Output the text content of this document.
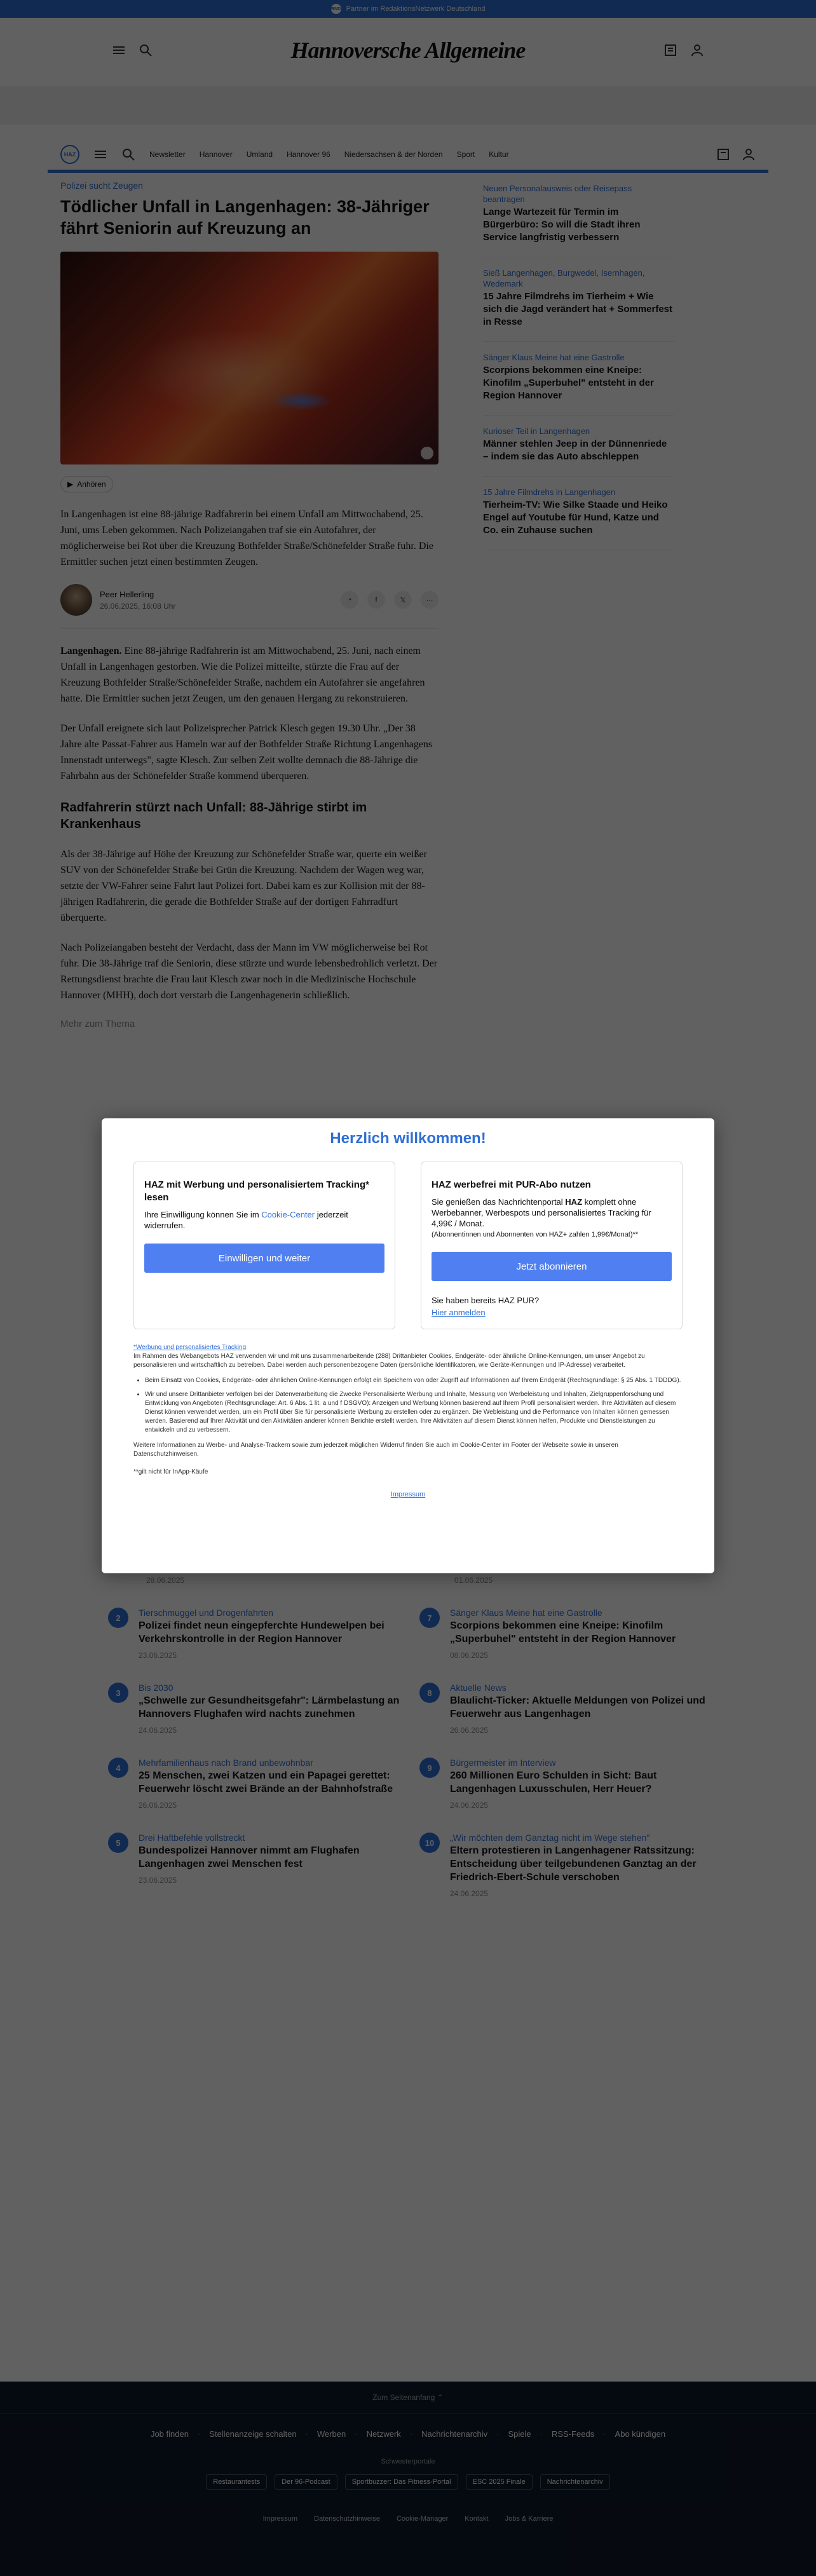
Herzlich willkommen!
HAZ mit Werbung und personalisiertem Tracking* lesen

Ihre Einwilligung können Sie im Cookie-Center jederzeit widerrufen.

Einwilligen und weiter
HAZ werbefrei mit PUR-Abo nutzen

Sie genießen das Nachrichtenportal HAZ komplett ohne Werbebanner, Werbespots und personalisiertes Tracking für 4,99€ / Monat.

(Abonnentinnen und Abonnenten von HAZ+ zahlen 1,99€/Monat)**

Jetzt abonnieren

Sie haben bereits HAZ PUR?

Hier anmelden

*Werbung und personalisiertes Tracking

Im Rahmen des Webangebots HAZ verwenden wir und mit uns zusammenarbeitende (288) Drittanbieter Cookies, Endgeräte- oder ähnliche Online-Kennungen, um unser Angebot zu personalisieren und wirtschaftlich zu betreiben. Dabei werden auch personenbezogene Daten (persönliche Identifikatoren, wie Geräte-Kennungen und IP-Adresse) verarbeitet.

• Beim Einsatz von Cookies, Endgeräte- oder ähnlichen Online-Kennungen erfolgt ein Speichern von oder Zugriff auf Informationen auf Ihrem Endgerät (Rechtsgrundlage: § 25 Abs. 1 TDDDG).
• Wir und unsere Drittanbieter verfolgen bei der Datenverarbeitung die Zwecke Personalisierte Werbung und Inhalte, Messung von Werbeleistung und Inhalten, Zielgruppenforschung und Entwicklung von Angeboten (Rechtsgrundlage: Art. 6 Abs. 1 lit. a und f DSGVO): Anzeigen und Werbung können basierend auf Ihrem Profil personalisiert werden. Ihre Aktivitäten auf diesem Dienst können verwendet werden, um ein Profil über Sie für personalisierte Werbung zu erstellen oder zu ergänzen. Die Webleistung und die Performance von Inhalten können gemessen werden. Basierend auf Ihrer Aktivität und den Aktivitäten anderer können Berichte erstellt werden. Ihre Aktivitäten auf diesem Dienst können helfen, Produkte und Dienstleistungen zu entwickeln und zu verbessern.

Weitere Informationen zu Werbe- und Analyse-Trackern sowie zum jederzeit möglichen Widerruf finden Sie auch im Cookie-Center im Footer der Webseite sowie in unseren Datenschutzhinweisen.

**gilt nicht für InApp-Käufe

Impressum
